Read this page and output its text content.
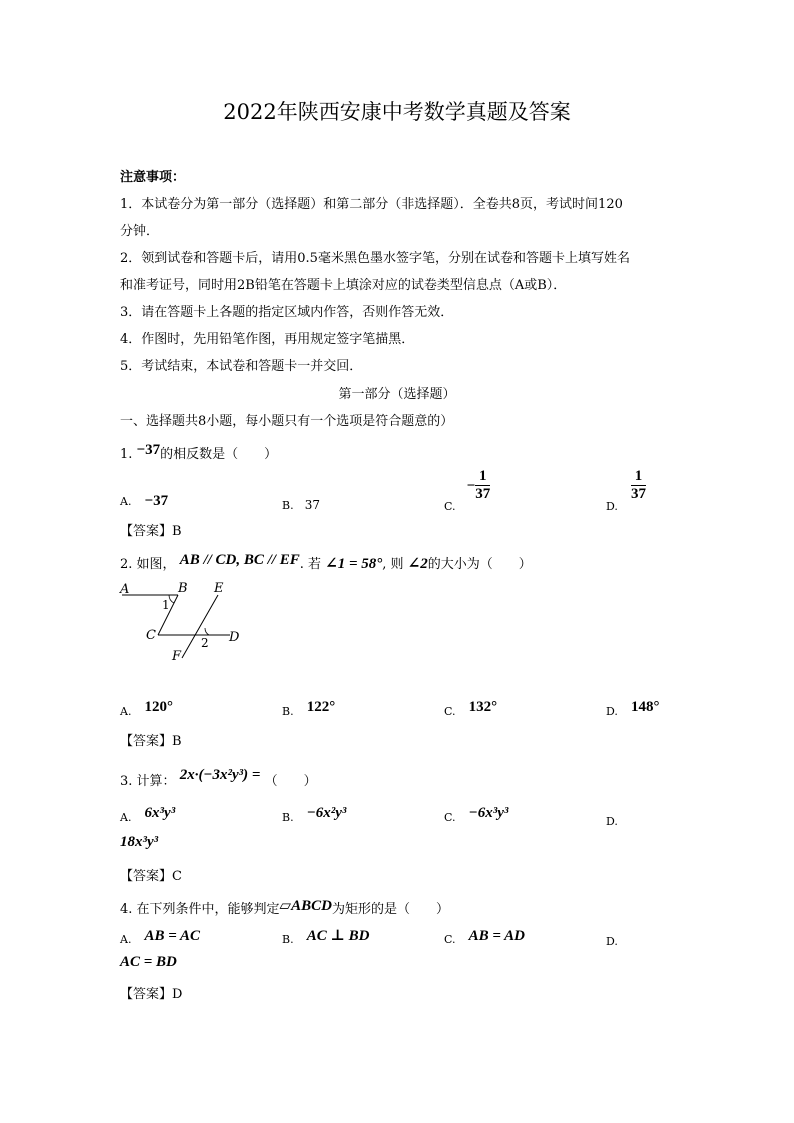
2022年陕西安康中考数学真题及答案
注意事项：
1．本试卷分为第一部分（选择题）和第二部分（非选择题）．全卷共8页，考试时间120
分钟．
2．领到试卷和答题卡后，请用0.5毫米黑色墨水签字笔，分别在试卷和答题卡上填写姓名
和准考证号，同时用2B铅笔在答题卡上填涂对应的试卷类型信息点（A或B）．
3．请在答题卡上各题的指定区域内作答，否则作答无效．
4．作图时，先用铅笔作图，再用规定签字笔描黑．
5．考试结束，本试卷和答题卡一并交回．
第一部分（选择题）
一、选择题共8小题，每小题只有一个选项是符合题意的）
1. −37的相反数是（　　）
A. −37	B. 37	$_{C.} - \frac{1}{37}$
$_{D.}$
$\frac{1}{37}$
【答案】B
2. 如图， AB // CD, BC // EF. 若 ∠1 = 58°, 则 ∠2的大小为（　　）
A	B E
1
C	2 D
F
A. 120°	B. 122°	C. 132°	D. 148°
【答案】B
3. 计算： 2x·(−3x²y³) = （　　）
A. 6x³y³	B. −6x²y³	C. −6x³y³
D.
18x³y³
【答案】C
4. 在下列条件中，能够判定▱ABCD为矩形的是（　　）
A. AB = AC	B. AC ⊥ BD	C. AB = AD	D.
AC = BD
【答案】D
